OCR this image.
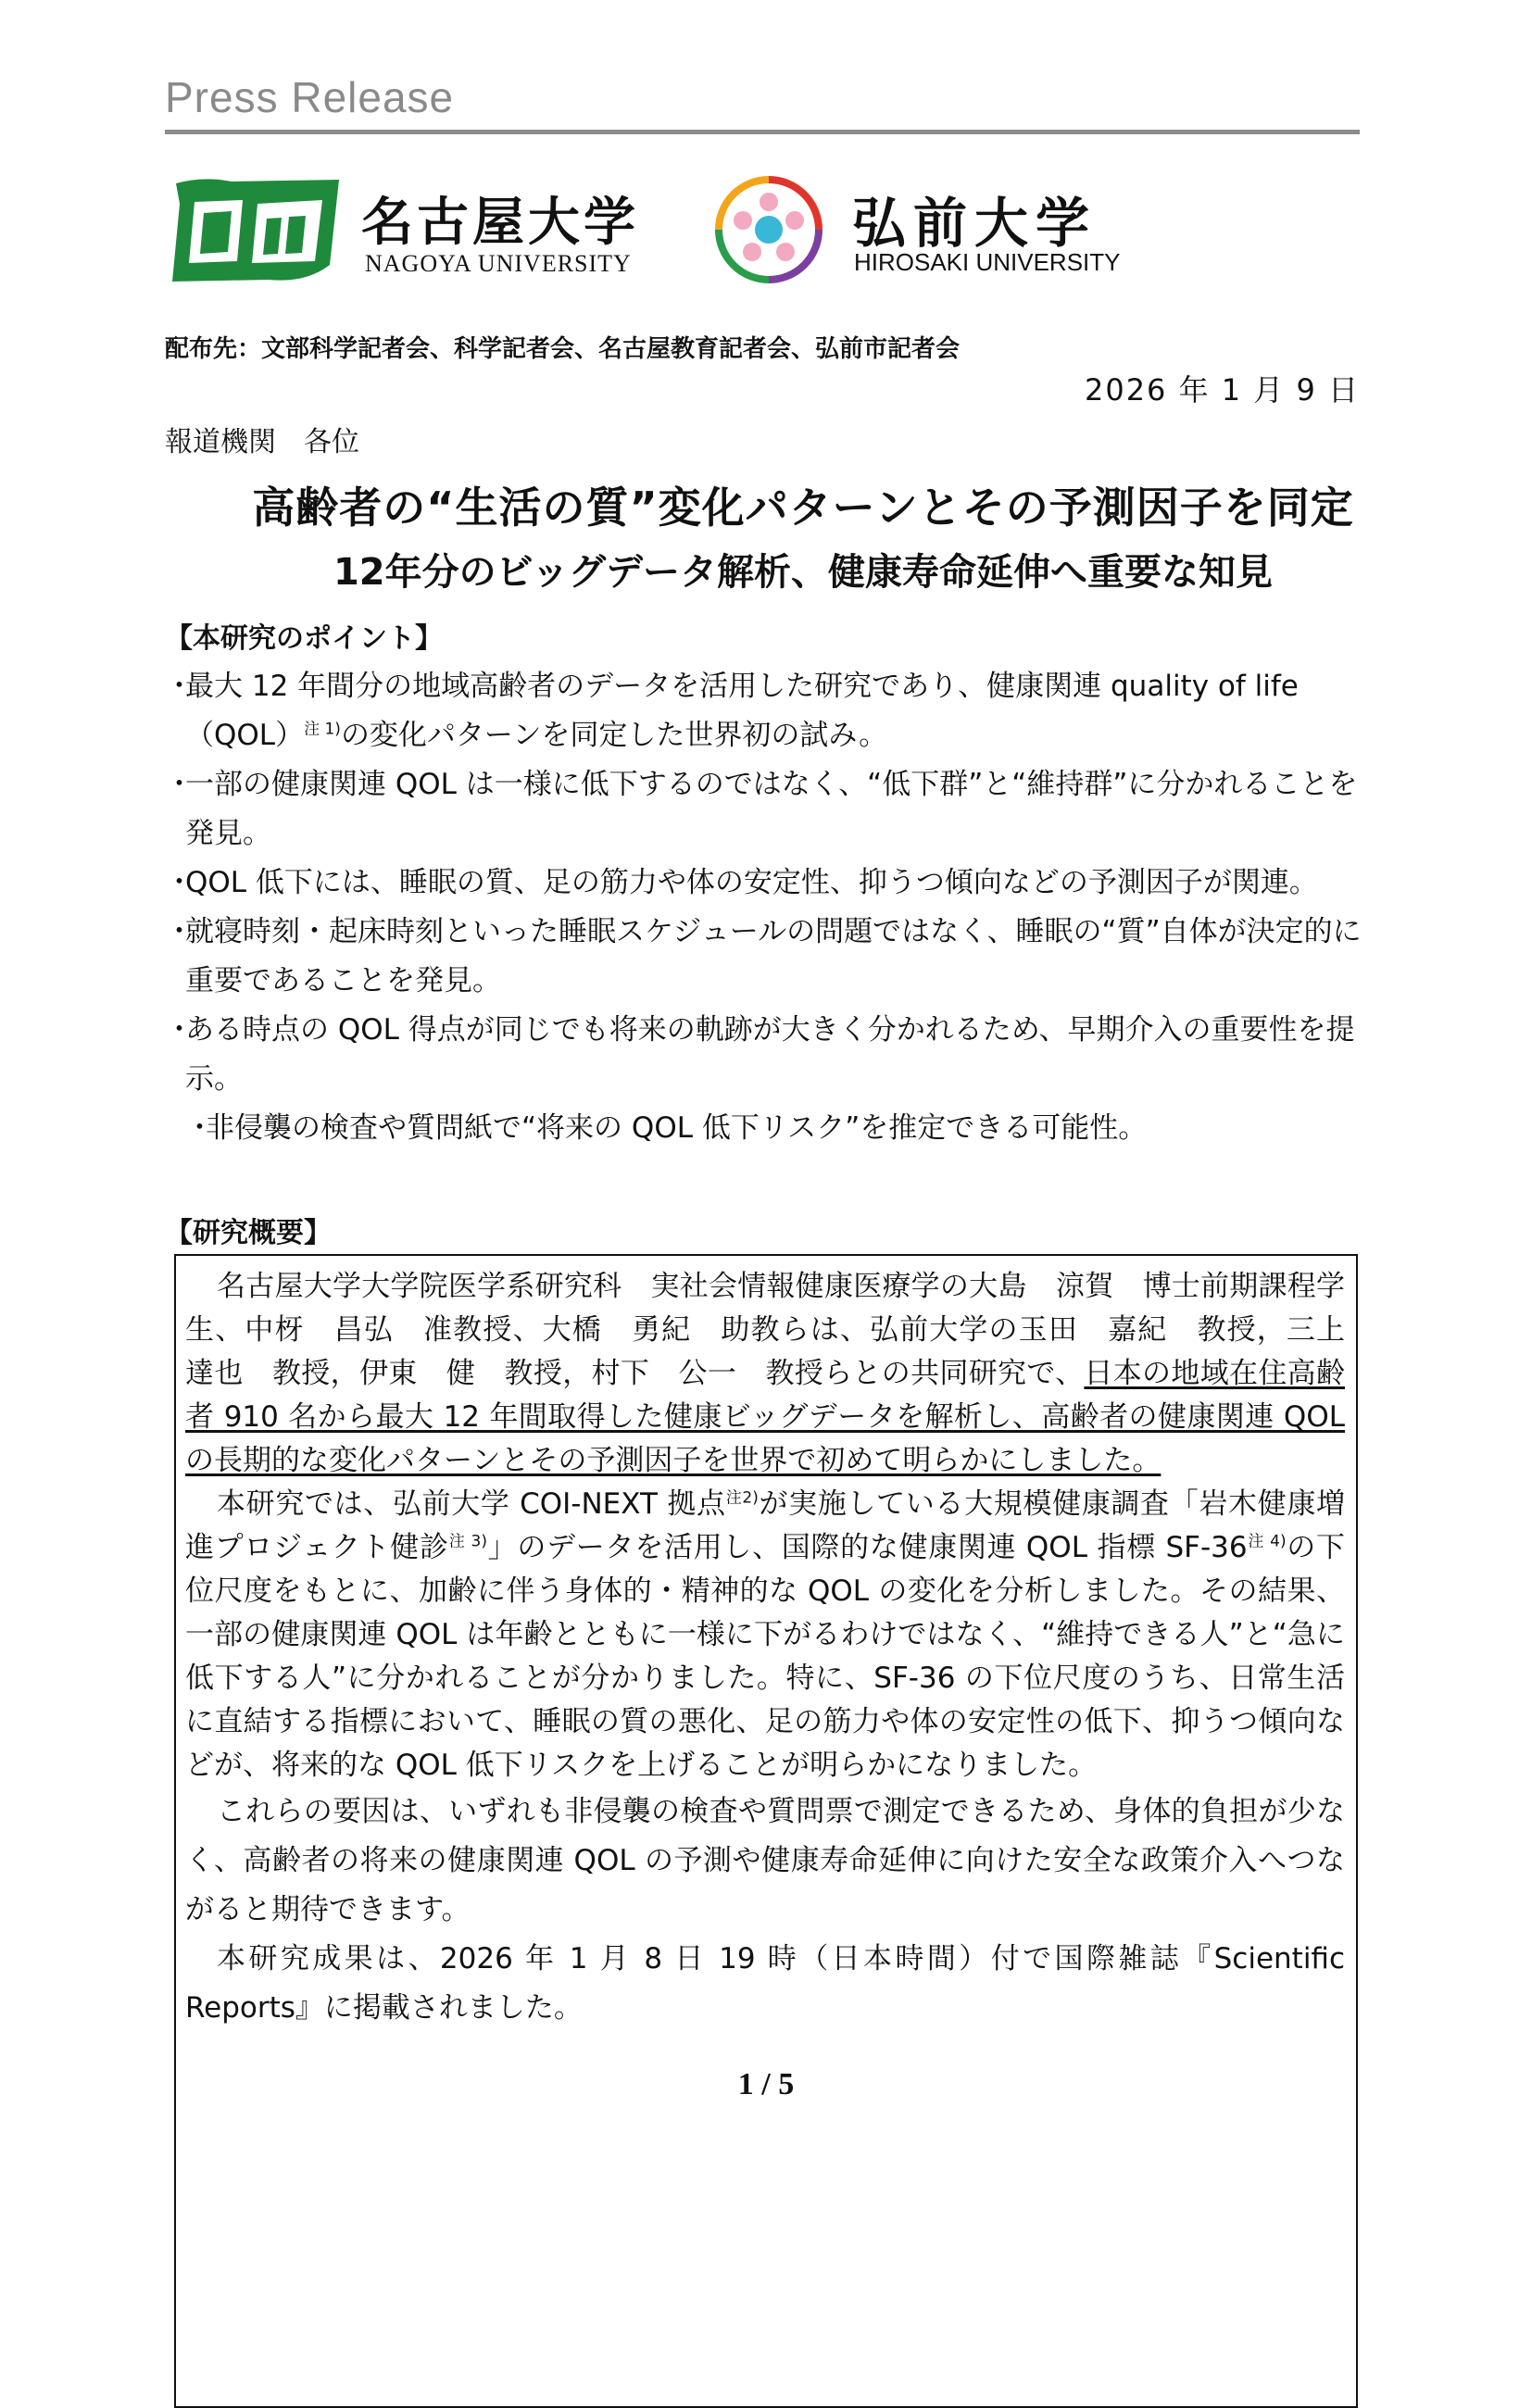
Press Release
名古屋大学
NAGOYA UNIVERSITY
弘前大学
HIROSAKI UNIVERSITY
配布先：文部科学記者会、科学記者会、名古屋教育記者会、弘前市記者会
2026 年 1 月 9 日
報道機関　各位
高齢者の“生活の質”変化パターンとその予測因子を同定
12年分のビッグデータ解析、健康寿命延伸へ重要な知見
【本研究のポイント】
・最大 12 年間分の地域高齢者のデータを活用した研究であり、健康関連 quality of life（QOL）$^{注 1)}$の変化パターンを同定した世界初の試み。
・一部の健康関連 QOL は一様に低下するのではなく、“低下群”と“維持群”に分かれることを発見。
・QOL 低下には、睡眠の質、足の筋力や体の安定性、抑うつ傾向などの予測因子が関連。
・就寝時刻・起床時刻といった睡眠スケジュールの問題ではなく、睡眠の“質”自体が決定的に重要であることを発見。
・ある時点の QOL 得点が同じでも将来の軌跡が大きく分かれるため、早期介入の重要性を提示。
・非侵襲の検査や質問紙で“将来の QOL 低下リスク”を推定できる可能性。
【研究概要】

名古屋大学大学院医学系研究科　実社会情報健康医療学の大島　涼賀　博士前期課程学生、中枒　昌弘　准教授、大橋　勇紀　助教らは、弘前大学の玉田　嘉紀　教授，三上　達也　教授，伊東　健　教授，村下　公一　教授らとの共同研究で、日本の地域在住高齢者 910 名から最大 12 年間取得した健康ビッグデータを解析し、高齢者の健康関連 QOL の長期的な変化パターンとその予測因子を世界で初めて明らかにしました。

本研究では、弘前大学 COI-NEXT 拠点$^{注2)}$が実施している大規模健康調査「岩木健康増進プロジェクト健診$^{注 3)}$」のデータを活用し、国際的な健康関連 QOL 指標 $SF-36^{注 4)}$の下位尺度をもとに、加齢に伴う身体的・精神的な QOL の変化を分析しました。その結果、一部の健康関連 QOL は年齢とともに一様に下がるわけではなく、“維持できる人”と“急に低下する人”に分かれることが分かりました。特に、SF-36 の下位尺度のうち、日常生活に直結する指標において、睡眠の質の悪化、足の筋力や体の安定性の低下、抑うつ傾向などが、将来的な QOL 低下リスクを上げることが明らかになりました。

これらの要因は、いずれも非侵襲の検査や質問票で測定できるため、身体的負担が少なく、高齢者の将来の健康関連 QOL の予測や健康寿命延伸に向けた安全な政策介入へつながると期待できます。

本研究成果は、2026 年 1 月 8 日 19 時（日本時間）付で国際雑誌『Scientific Reports』に掲載されました。

1 / 5
